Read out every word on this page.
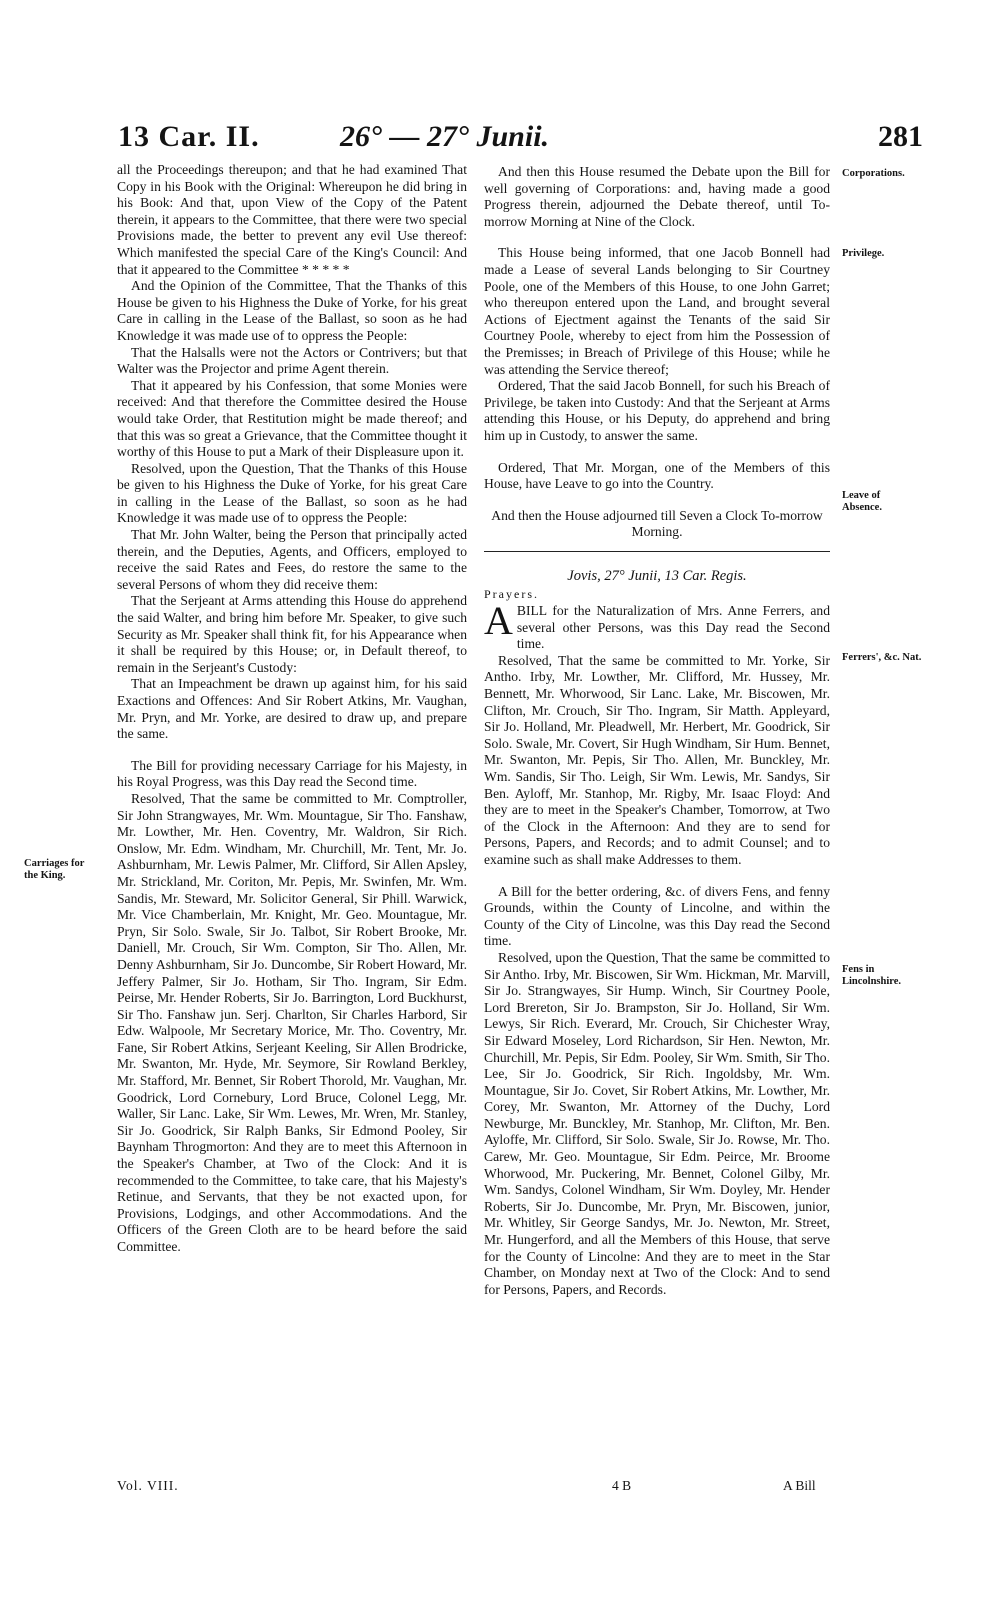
13 Car. II.	26° — 27° Junii.	281

all the Proceedings thereupon; and that he had examined That Copy in his Book with the Original: Whereupon he did bring in his Book: And that, upon View of the Copy of the Patent therein, it appears to the Committee, that there were two special Provisions made, the better to prevent any evil Use thereof: Which manifested the special Care of the King's Council: And that it appeared to the Committee * * * * *

And the Opinion of the Committee, That the Thanks of this House be given to his Highness the Duke of Yorke, for his great Care in calling in the Lease of the Ballast, so soon as he had Knowledge it was made use of to oppress the People:

That the Halsalls were not the Actors or Contrivers; but that Walter was the Projector and prime Agent therein.

That it appeared by his Confession, that some Monies were received: And that therefore the Committee desired the House would take Order, that Restitution might be made thereof; and that this was so great a Grievance, that the Committee thought it worthy of this House to put a Mark of their Displeasure upon it.

Resolved, upon the Question, That the Thanks of this House be given to his Highness the Duke of Yorke, for his great Care in calling in the Lease of the Ballast, so soon as he had Knowledge it was made use of to oppress the People:

That Mr. John Walter, being the Person that principally acted therein, and the Deputies, Agents, and Officers, employed to receive the said Rates and Fees, do restore the same to the several Persons of whom they did receive them:

That the Serjeant at Arms attending this House do apprehend the said Walter, and bring him before Mr. Speaker, to give such Security as Mr. Speaker shall think fit, for his Appearance when it shall be required by this House; or, in Default thereof, to remain in the Serjeant's Custody:

That an Impeachment be drawn up against him, for his said Exactions and Offences: And Sir Robert Atkins, Mr. Vaughan, Mr. Pryn, and Mr. Yorke, are desired to draw up, and prepare the same.

The Bill for providing necessary Carriage for his Majesty, in his Royal Progress, was this Day read the Second time.

Resolved, That the same be committed to Mr. Comptroller, Sir John Strangwayes, Mr. Wm. Mountague, Sir Tho. Fanshaw, Mr. Lowther, Mr. Hen. Coventry, Mr. Waldron, Sir Rich. Onslow, Mr. Edm. Windham, Mr. Churchill, Mr. Tent, Mr. Jo. Ashburnham, Mr. Lewis Palmer, Mr. Clifford, Sir Allen Apsley, Mr. Strickland, Mr. Coriton, Mr. Pepis, Mr. Swinfen, Mr. Wm. Sandis, Mr. Steward, Mr. Solicitor General, Sir Phill. Warwick, Mr. Vice Chamberlain, Mr. Knight, Mr. Geo. Mountague, Mr. Pryn, Sir Solo. Swale, Sir Jo. Talbot, Sir Robert Brooke, Mr. Daniell, Mr. Crouch, Sir Wm. Compton, Sir Tho. Allen, Mr. Denny Ashburnham, Sir Jo. Duncombe, Sir Robert Howard, Mr. Jeffery Palmer, Sir Jo. Hotham, Sir Tho. Ingram, Sir Edm. Peirse, Mr. Hender Roberts, Sir Jo. Barrington, Lord Buckhurst, Sir Tho. Fanshaw jun. Serj. Charlton, Sir Charles Harbord, Sir Edw. Walpoole, Mr Secretary Morice, Mr. Tho. Coventry, Mr. Fane, Sir Robert Atkins, Serjeant Keeling, Sir Allen Brodricke, Mr. Swanton, Mr. Hyde, Mr. Seymore, Sir Rowland Berkley, Mr. Stafford, Mr. Bennet, Sir Robert Thorold, Mr. Vaughan, Mr. Goodrick, Lord Cornebury, Lord Bruce, Colonel Legg, Mr. Waller, Sir Lanc. Lake, Sir Wm. Lewes, Mr. Wren, Mr. Stanley, Sir Jo. Goodrick, Sir Ralph Banks, Sir Edmond Pooley, Sir Baynham Throgmorton: And they are to meet this Afternoon in the Speaker's Chamber, at Two of the Clock: And it is recommended to the Committee, to take care, that his Majesty's Retinue, and Servants, that they be not exacted upon, for Provisions, Lodgings, and other Accommodations. And the Officers of the Green Cloth are to be heard before the said Committee.

And then this House resumed the Debate upon the Bill for well governing of Corporations: and, having made a good Progress therein, adjourned the Debate thereof, until To-morrow Morning at Nine of the Clock.

This House being informed, that one Jacob Bonnell had made a Lease of several Lands belonging to Sir Courtney Poole, one of the Members of this House, to one John Garret; who thereupon entered upon the Land, and brought several Actions of Ejectment against the Tenants of the said Sir Courtney Poole, whereby to eject from him the Possession of the Premisses; in Breach of Privilege of this House; while he was attending the Service thereof;

Ordered, That the said Jacob Bonnell, for such his Breach of Privilege, be taken into Custody: And that the Serjeant at Arms attending this House, or his Deputy, do apprehend and bring him up in Custody, to answer the same.

Ordered, That Mr. Morgan, one of the Members of this House, have Leave to go into the Country.

And then the House adjourned till Seven a Clock To-morrow Morning.

Jovis, 27° Junii, 13 Car. Regis.
Prayers.

ABILL for the Naturalization of Mrs. Anne Ferrers, and several other Persons, was this Day read the Second time.

Resolved, That the same be committed to Mr. Yorke, Sir Antho. Irby, Mr. Lowther, Mr. Clifford, Mr. Hussey, Mr. Bennett, Mr. Whorwood, Sir Lanc. Lake, Mr. Biscowen, Mr. Clifton, Mr. Crouch, Sir Tho. Ingram, Sir Matth. Appleyard, Sir Jo. Holland, Mr. Pleadwell, Mr. Herbert, Mr. Goodrick, Sir Solo. Swale, Mr. Covert, Sir Hugh Windham, Sir Hum. Bennet, Mr. Swanton, Mr. Pepis, Sir Tho. Allen, Mr. Bunckley, Mr. Wm. Sandis, Sir Tho. Leigh, Sir Wm. Lewis, Mr. Sandys, Sir Ben. Ayloff, Mr. Stanhop, Mr. Rigby, Mr. Isaac Floyd: And they are to meet in the Speaker's Chamber, Tomorrow, at Two of the Clock in the Afternoon: And they are to send for Persons, Papers, and Records; and to admit Counsel; and to examine such as shall make Addresses to them.

A Bill for the better ordering, &c. of divers Fens, and fenny Grounds, within the County of Lincolne, and within the County of the City of Lincolne, was this Day read the Second time.

Resolved, upon the Question, That the same be committed to Sir Antho. Irby, Mr. Biscowen, Sir Wm. Hickman, Mr. Marvill, Sir Jo. Strangwayes, Sir Hump. Winch, Sir Courtney Poole, Lord Brereton, Sir Jo. Brampston, Sir Jo. Holland, Sir Wm. Lewys, Sir Rich. Everard, Mr. Crouch, Sir Chichester Wray, Sir Edward Moseley, Lord Richardson, Sir Hen. Newton, Mr. Churchill, Mr. Pepis, Sir Edm. Pooley, Sir Wm. Smith, Sir Tho. Lee, Sir Jo. Goodrick, Sir Rich. Ingoldsby, Mr. Wm. Mountague, Sir Jo. Covet, Sir Robert Atkins, Mr. Lowther, Mr. Corey, Mr. Swanton, Mr. Attorney of the Duchy, Lord Newburge, Mr. Bunckley, Mr. Stanhop, Mr. Clifton, Mr. Ben. Ayloffe, Mr. Clifford, Sir Solo. Swale, Sir Jo. Rowse, Mr. Tho. Carew, Mr. Geo. Mountague, Sir Edm. Peirce, Mr. Broome Whorwood, Mr. Puckering, Mr. Bennet, Colonel Gilby, Mr. Wm. Sandys, Colonel Windham, Sir Wm. Doyley, Mr. Hender Roberts, Sir Jo. Duncombe, Mr. Pryn, Mr. Biscowen, junior, Mr. Whitley, Sir George Sandys, Mr. Jo. Newton, Mr. Street, Mr. Hungerford, and all the Members of this House, that serve for the County of Lincolne: And they are to meet in the Star Chamber, on Monday next at Two of the Clock: And to send for Persons, Papers, and Records.

Carriages for the King.
Corporations.
Privilege.
Leave of Absence.
Ferrers', &c. Nat.
Fens in Lincolnshire.
Vol. VIII.	4 B	A Bill
